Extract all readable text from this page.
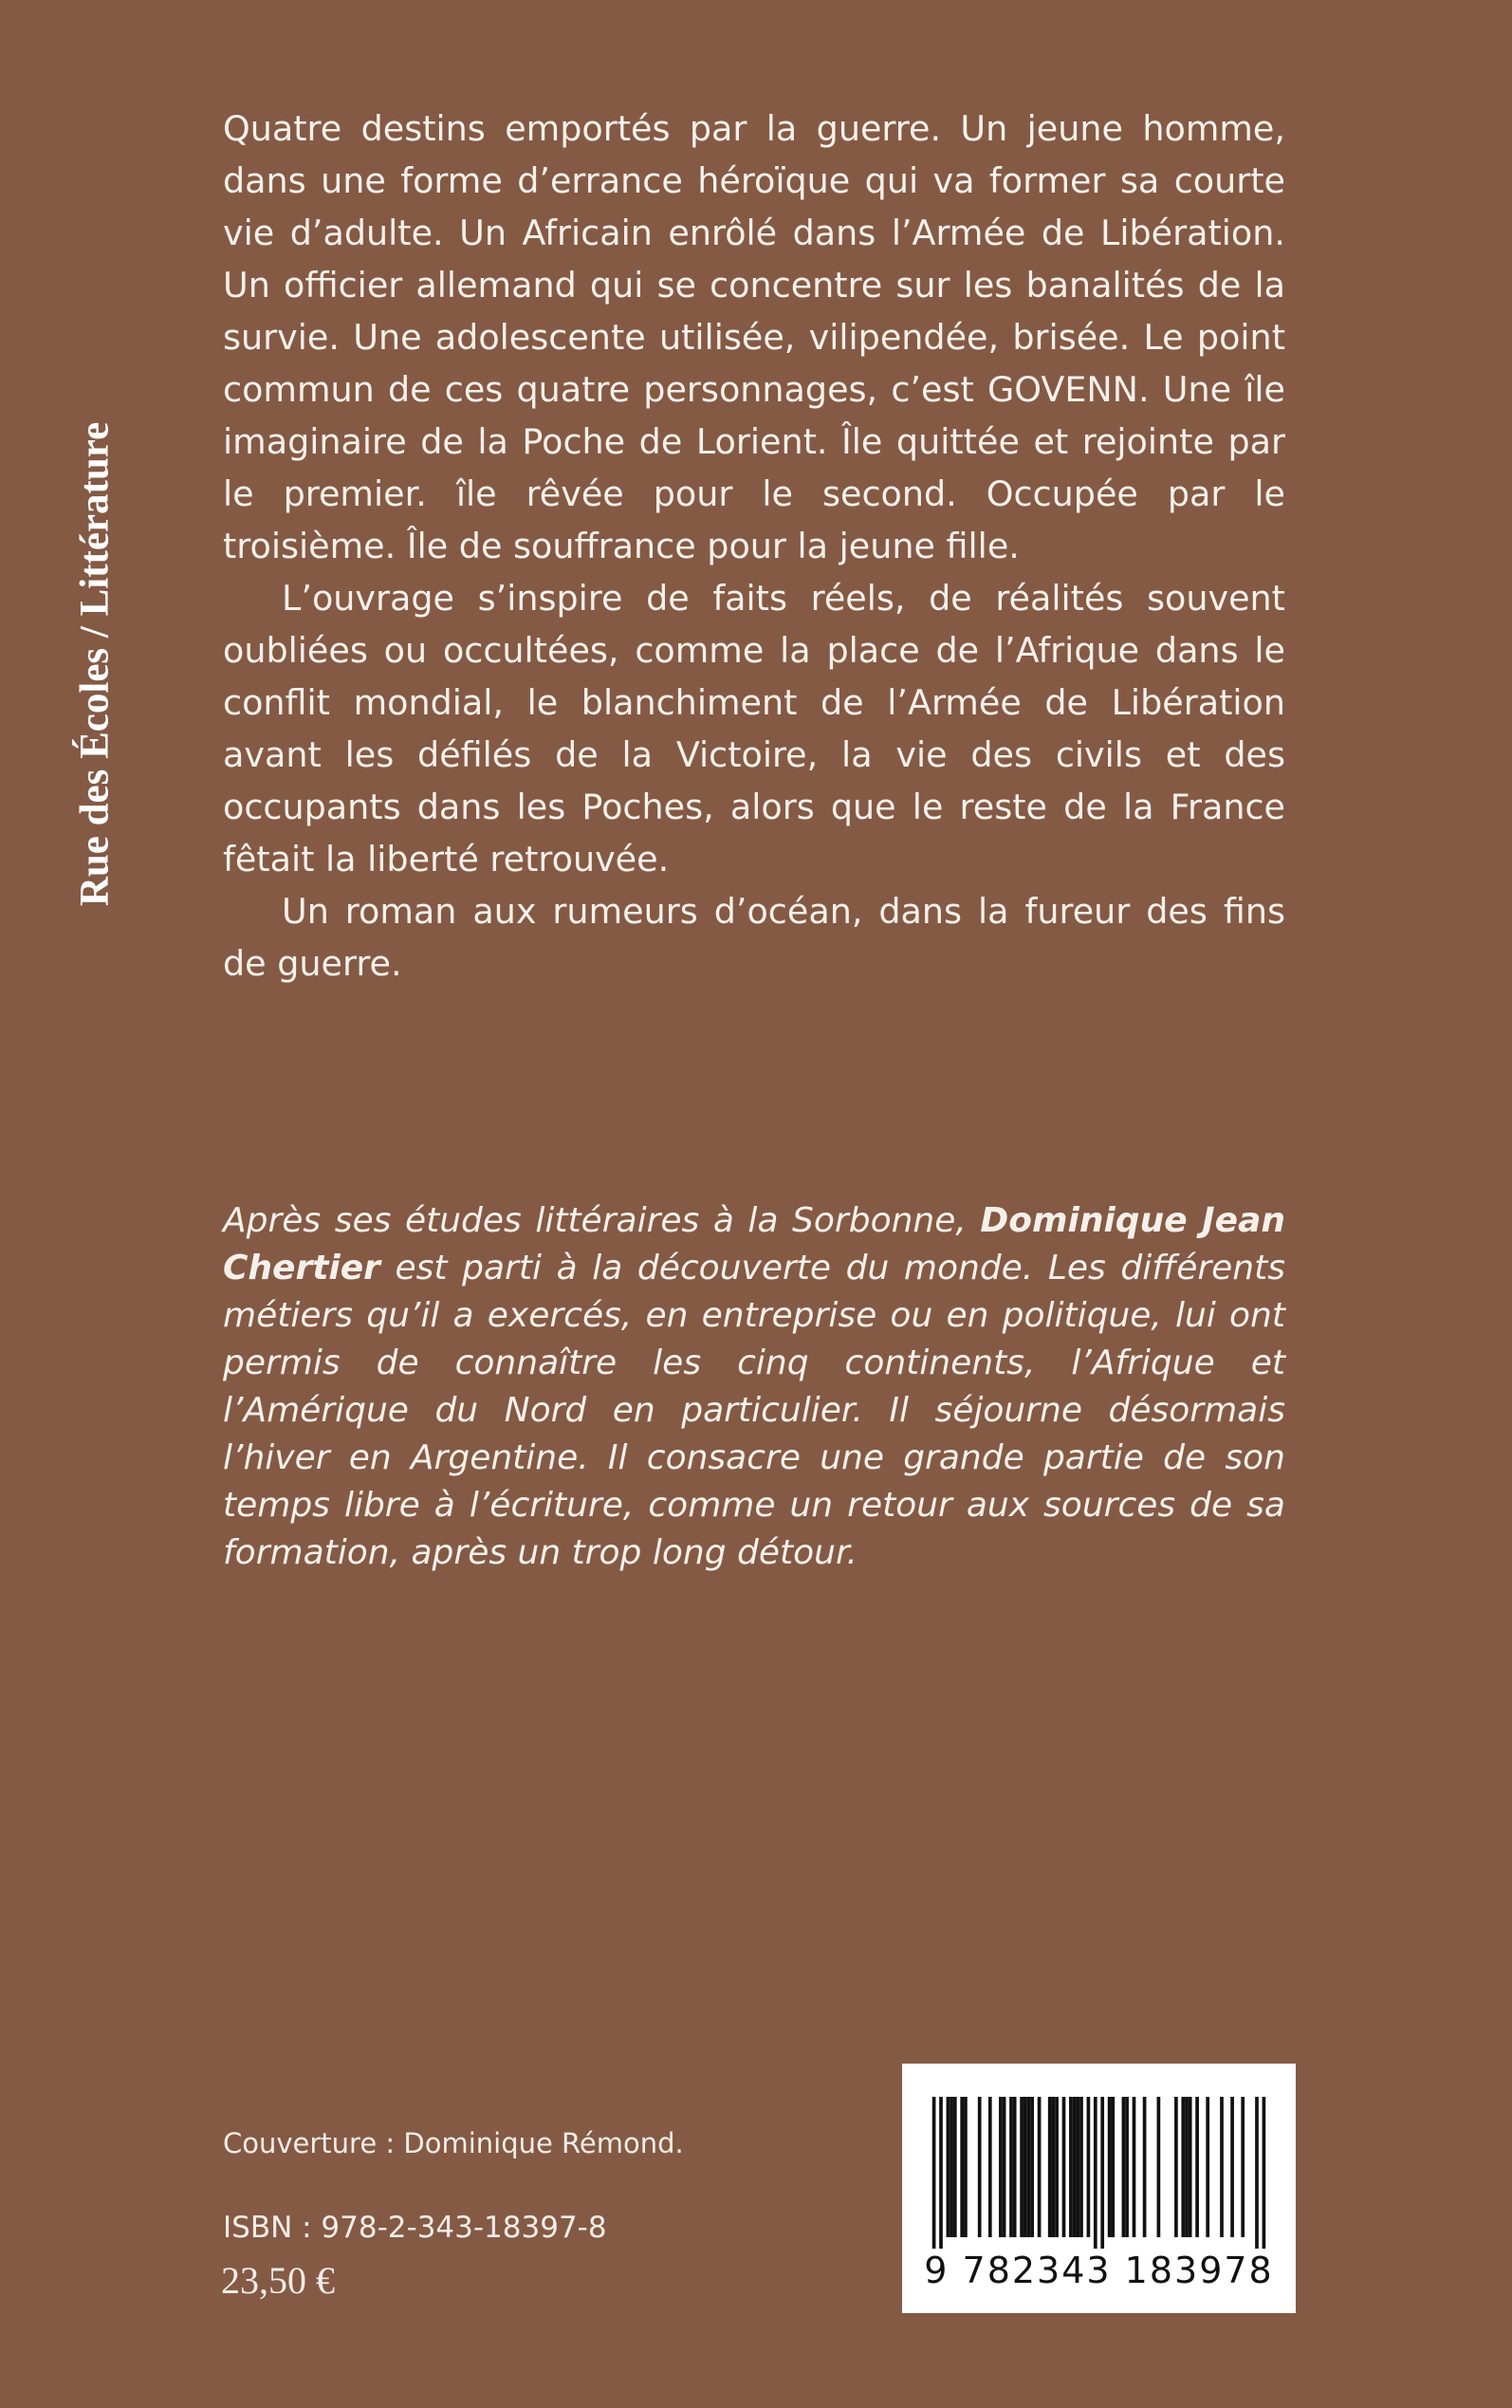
Rue des Écoles / Littérature

Quatre destins emportés par la guerre. Un jeune homme, dans une forme d’errance héroïque qui va former sa courte vie d’adulte. Un Africain enrôlé dans l’Armée de Libération. Un officier allemand qui se concentre sur les banalités de la survie. Une adolescente utilisée, vilipendée, brisée. Le point commun de ces quatre personnages, c’est GOVENN. Une île imaginaire de la Poche de Lorient. Île quittée et rejointe par le premier. île rêvée pour le second. Occupée par le troisième. Île de souffrance pour la jeune fille.

L’ouvrage s’inspire de faits réels, de réalités souvent oubliées ou occultées, comme la place de l’Afrique dans le conflit mondial, le blanchiment de l’Armée de Libération avant les défilés de la Victoire, la vie des civils et des occupants dans les Poches, alors que le reste de la France fêtait la liberté retrouvée.

Un roman aux rumeurs d’océan, dans la fureur des fins de guerre.

Après ses études littéraires à la Sorbonne, Dominique Jean Chertier est parti à la découverte du monde. Les différents métiers qu’il a exercés, en entreprise ou en politique, lui ont permis de connaître les cinq continents, l’Afrique et l’Amérique du Nord en particulier. Il séjourne désormais l’hiver en Argentine. Il consacre une grande partie de son temps libre à l’écriture, comme un retour aux sources de sa formation, après un trop long détour.

Couverture : Dominique Rémond.
ISBN : 978-2-343-18397-8
23,50 €	9 782343 183978
